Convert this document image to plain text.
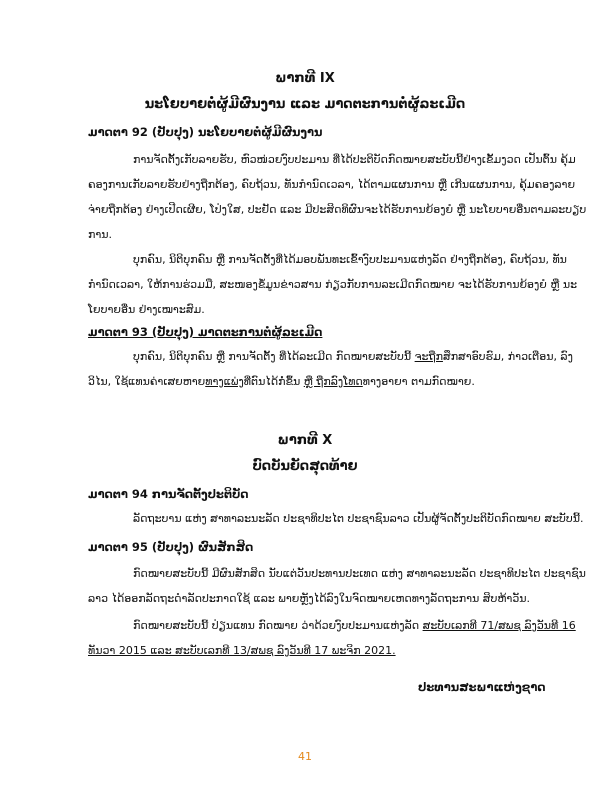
ພາກທີ IX
ນະໂຍບາຍຕໍ່ຜູ້ມີຜົນງານ ແລະ ມາດຕະການຕໍ່ຜູ້ລະເມີດ
ມາດຕາ 92 (ປັບປຸງ) ນະໂຍບາຍຕໍ່ຜູ້ມີຜົນງານ
ການຈັດຕັ້ງເກັບລາຍຮັບ, ຫົວໜ່ວຍງົບປະມານ ທີ່ໄດ້ປະຕິບັດກົດໝາຍສະບັບນີ້ຢ່າງເຂັ້ມງວດ ເປັນຕົ້ນ ຄຸ້ມ
ຄອງການເກັບລາຍຮັບຢ່າງຖືກຕ້ອງ, ຄົບຖ້ວນ, ທັນກຳນົດເວລາ, ໄດ້ຕາມແຜນການ ຫຼື ເກີນແຜນການ, ຄຸ້ມຄອງລາຍ
ຈ່າຍຖືກຕ້ອງ ຢ່າງເປີດເຜີຍ, ໂປ່ງໃສ, ປະຢັດ ແລະ ມີປະສິດທິຜົນຈະໄດ້ຮັບການຍ້ອງຍໍ ຫຼື ນະໂຍບາຍອື່ນຕາມລະບຽບ
ການ.
ບຸກຄົນ, ນິຕິບຸກຄົນ ຫຼື ການຈັດຕັ້ງທີ່ໄດ້ມອບພັນທະເຂົ້າງົບປະມານແຫ່ງລັດ ຢ່າງຖືກຕ້ອງ, ຄົບຖ້ວນ, ທັນ
ກຳນົດເວລາ, ໃຫ້ການຮ່ວມມື, ສະໜອງຂໍ້ມູນຂ່າວສານ ກ່ຽວກັບການລະເມີດກົດໝາຍ ຈະໄດ້ຮັບການຍ້ອງຍໍ ຫຼື ນະ
ໂຍບາຍອື່ນ ຢ່າງເໝາະສົມ.
ມາດຕາ 93 (ປັບປຸງ) ມາດຕະການຕໍ່ຜູ້ລະເມີດ
ບຸກຄົນ, ນິຕິບຸກຄົນ ຫຼື ການຈັດຕັ້ງ ທີ່ໄດ້ລະເມີດ ກົດໝາຍສະບັບນີ້ ຈະຖືກສຶກສາອົບຮົມ, ກ່າວເຕືອນ, ລົງ
ວິໄນ, ໃຊ້ແທນຄ່າເສຍຫາຍທາງແພ່ງທີ່ຕົນໄດ້ກໍ່ຂຶ້ນ ຫຼື ຖືກລົງໂທດທາງອາຍາ ຕາມກົດໝາຍ.
ພາກທີ X
ບົດບັນຍັດສຸດທ້າຍ
ມາດຕາ 94 ການຈັດຕັ້ງປະຕິບັດ
ລັດຖະບານ ແຫ່ງ ສາທາລະນະລັດ ປະຊາທິປະໄຕ ປະຊາຊົນລາວ ເປັນຜູ້ຈັດຕັ້ງປະຕິບັດກົດໝາຍ ສະບັບນີ້.
ມາດຕາ 95 (ປັບປຸງ) ຜົນສັກສິດ
ກົດໝາຍສະບັບນີ້ ມີຜົນສັກສິດ ນັບແຕ່ວັນປະທານປະເທດ ແຫ່ງ ສາທາລະນະລັດ ປະຊາທິປະໄຕ ປະຊາຊົນ
ລາວ ໄດ້ອອກລັດຖະດຳລັດປະກາດໃຊ້ ແລະ ພາຍຫຼັງໄດ້ລົງໃນຈົດໝາຍເຫດທາງລັດຖະການ ສິບຫ້າວັນ.
ກົດໝາຍສະບັບນີ້ ປ່ຽນແທນ ກົດໝາຍ ວ່າດ້ວຍງົບປະມານແຫ່ງລັດ ສະບັບເລກທີ 71/ສພຊ ລົງວັນທີ 16
ທັນວາ 2015 ແລະ ສະບັບເລກທີ 13/ສພຊ ລົງວັນທີ 17 ພະຈິກ 2021.
ປະທານສະພາແຫ່ງຊາດ
41
